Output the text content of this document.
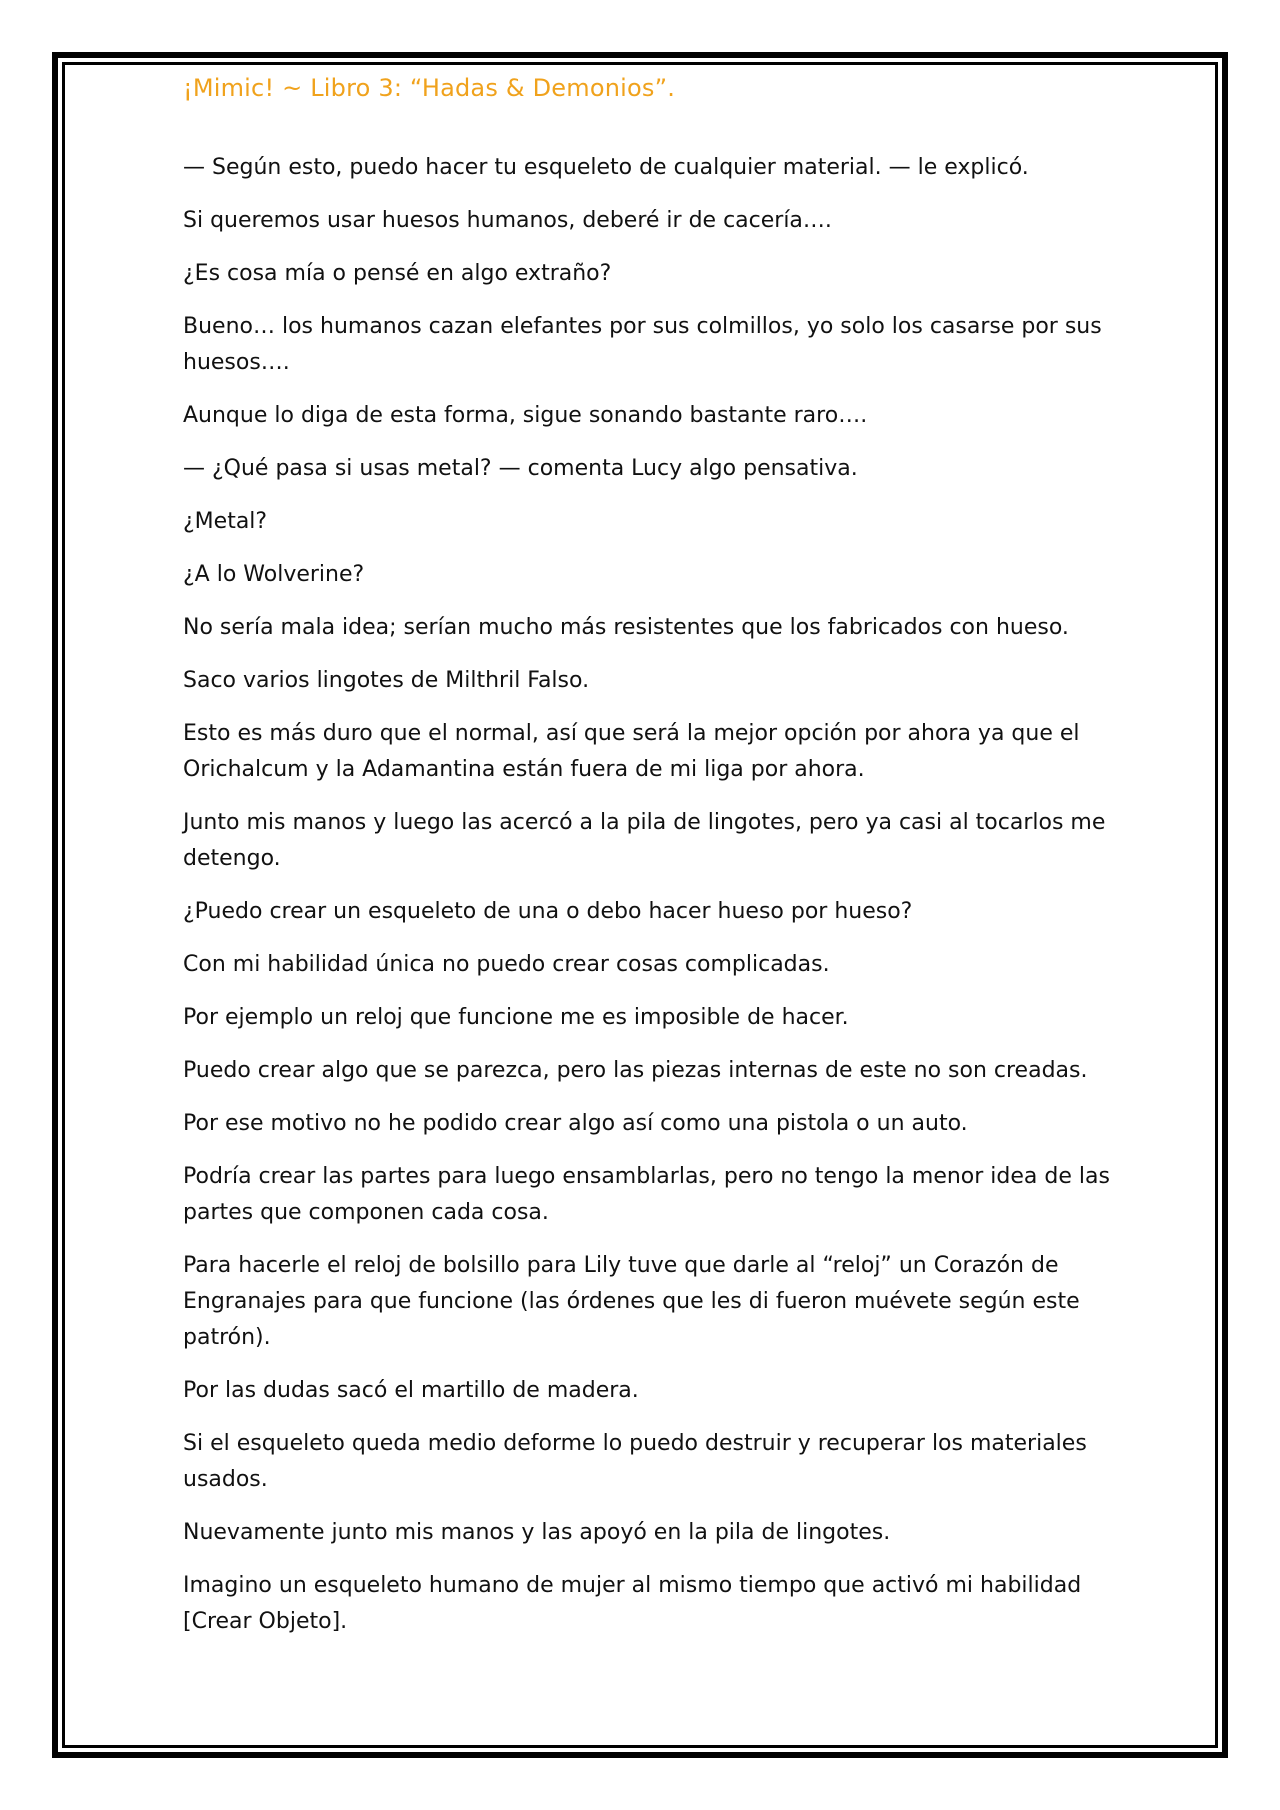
¡Mimic! ~ Libro 3: “Hadas & Demonios”.

— Según esto, puedo hacer tu esqueleto de cualquier material. — le explicó.

Si queremos usar huesos humanos, deberé ir de cacería….

¿Es cosa mía o pensé en algo extraño?

Bueno… los humanos cazan elefantes por sus colmillos, yo solo los casarse por sus huesos….

Aunque lo diga de esta forma, sigue sonando bastante raro….

— ¿Qué pasa si usas metal? — comenta Lucy algo pensativa.

¿Metal?

¿A lo Wolverine?

No sería mala idea; serían mucho más resistentes que los fabricados con hueso.

Saco varios lingotes de Milthril Falso.

Esto es más duro que el normal, así que será la mejor opción por ahora ya que el Orichalcum y la Adamantina están fuera de mi liga por ahora.

Junto mis manos y luego las acercó a la pila de lingotes, pero ya casi al tocarlos me detengo.

¿Puedo crear un esqueleto de una o debo hacer hueso por hueso?

Con mi habilidad única no puedo crear cosas complicadas.

Por ejemplo un reloj que funcione me es imposible de hacer.

Puedo crear algo que se parezca, pero las piezas internas de este no son creadas.

Por ese motivo no he podido crear algo así como una pistola o un auto.

Podría crear las partes para luego ensamblarlas, pero no tengo la menor idea de las partes que componen cada cosa.

Para hacerle el reloj de bolsillo para Lily tuve que darle al “reloj” un Corazón de Engranajes para que funcione (las órdenes que les di fueron muévete según este patrón).

Por las dudas sacó el martillo de madera.

Si el esqueleto queda medio deforme lo puedo destruir y recuperar los materiales usados.

Nuevamente junto mis manos y las apoyó en la pila de lingotes.

Imagino un esqueleto humano de mujer al mismo tiempo que activó mi habilidad [Crear Objeto].
